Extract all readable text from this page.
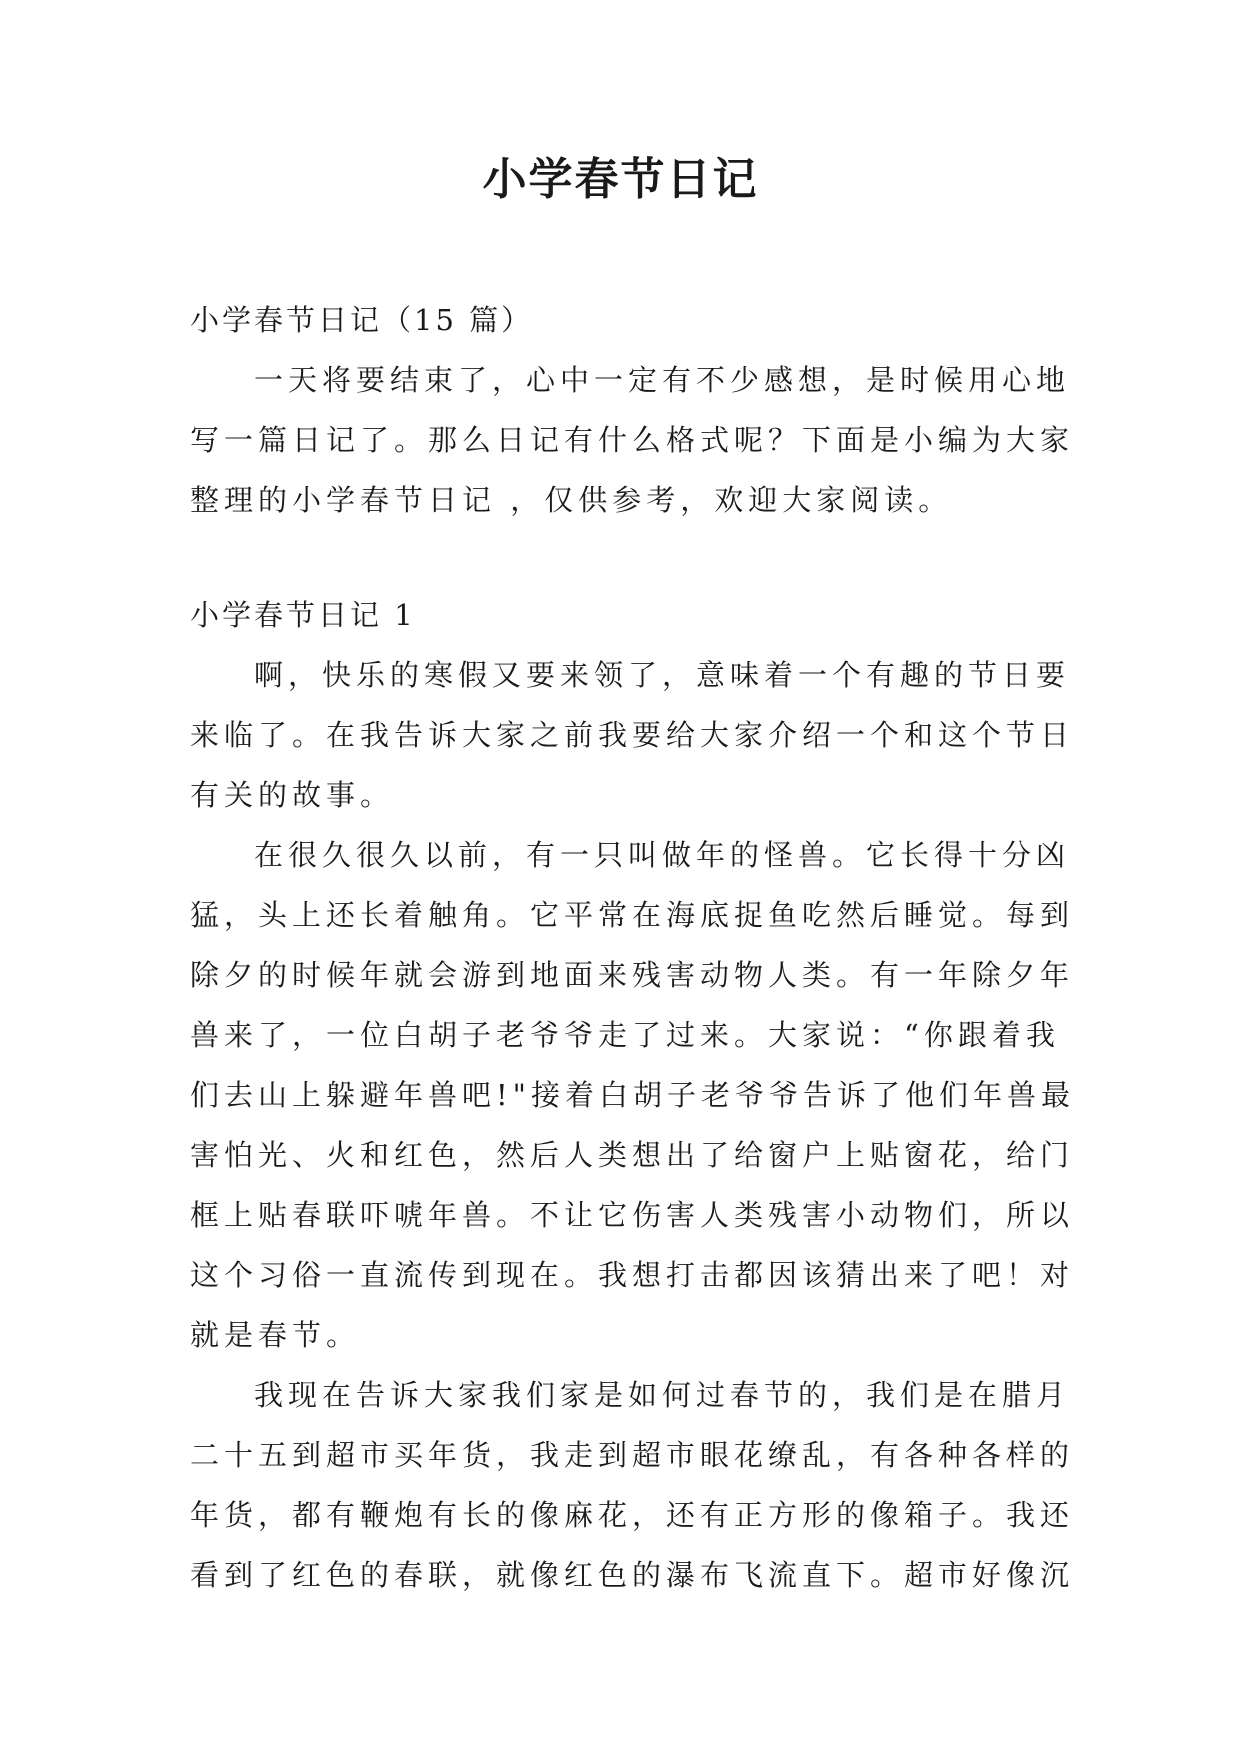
小学春节日记

小学春节日记（15 篇）

一天将要结束了，心中一定有不少感想，是时候用心地

写一篇日记了。那么日记有什么格式呢？下面是小编为大家

整理的小学春节日记 ，仅供参考，欢迎大家阅读。

小学春节日记 1

啊，快乐的寒假又要来领了，意味着一个有趣的节日要

来临了。在我告诉大家之前我要给大家介绍一个和这个节日

有关的故事。

在很久很久以前，有一只叫做年的怪兽。它长得十分凶

猛，头上还长着触角。它平常在海底捉鱼吃然后睡觉。每到

除夕的时候年就会游到地面来残害动物人类。有一年除夕年

兽来了，一位白胡子老爷爷走了过来。大家说：“你跟着我

们去山上躲避年兽吧!"接着白胡子老爷爷告诉了他们年兽最

害怕光、火和红色，然后人类想出了给窗户上贴窗花，给门

框上贴春联吓唬年兽。不让它伤害人类残害小动物们，所以

这个习俗一直流传到现在。我想打击都因该猜出来了吧！对

就是春节。

我现在告诉大家我们家是如何过春节的，我们是在腊月

二十五到超市买年货，我走到超市眼花缭乱，有各种各样的

年货，都有鞭炮有长的像麻花，还有正方形的像箱子。我还

看到了红色的春联，就像红色的瀑布飞流直下。超市好像沉
